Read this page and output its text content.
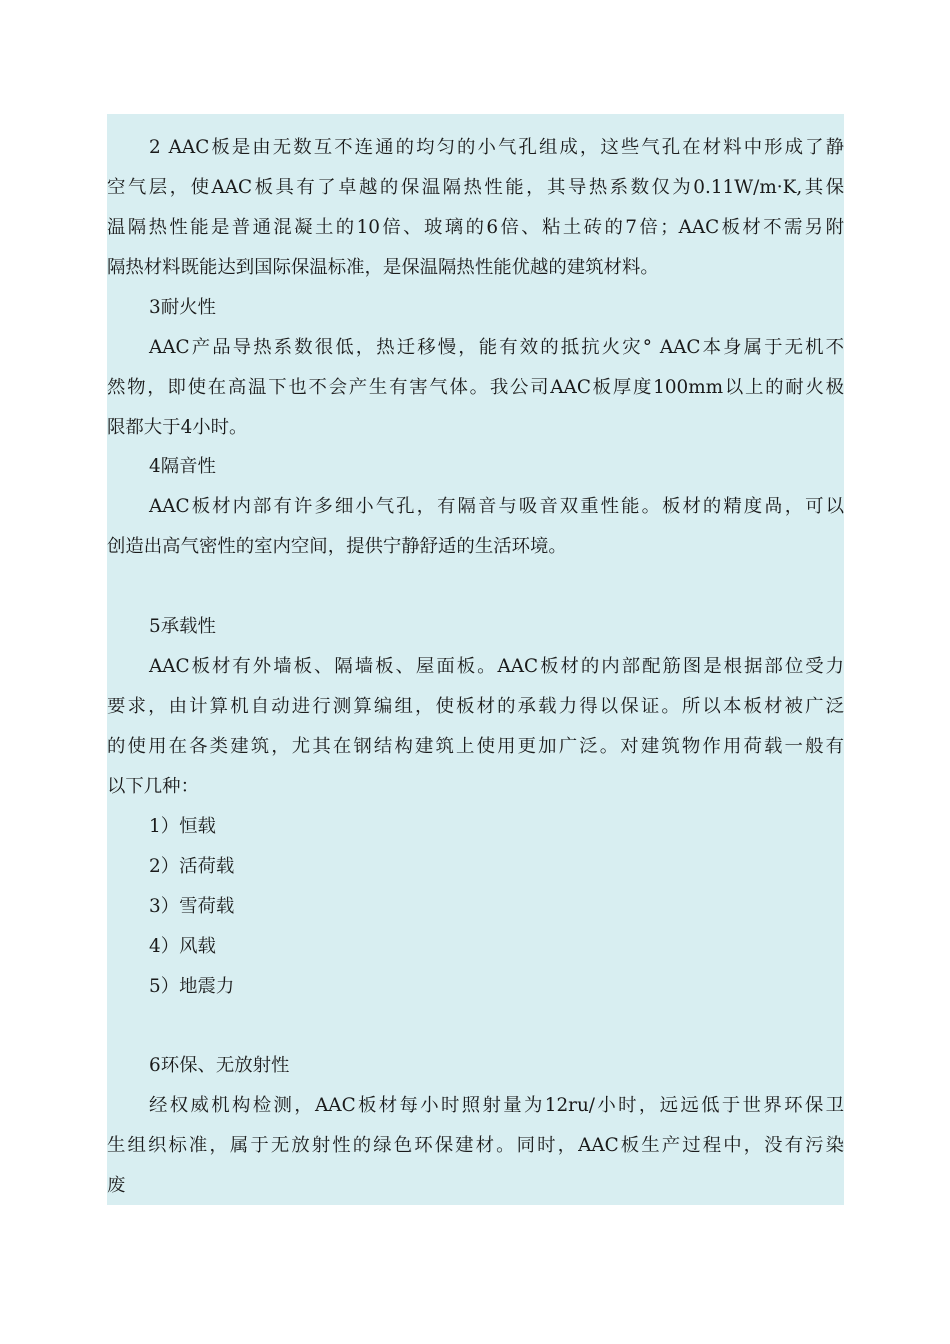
2 AAC板是由无数互不连通的均匀的小气孔组成，这些气孔在材料中形成了静
空气层，使AAC板具有了卓越的保温隔热性能，其导热系数仅为0.11W/m·K,其保
温隔热性能是普通混凝土的10倍、玻璃的6倍、粘土砖的7倍；AAC板材不需另附
隔热材料既能达到国际保温标准，是保温隔热性能优越的建筑材料。
3耐火性
AAC产品导热系数很低，热迁移慢，能有效的抵抗火灾° AAC本身属于无机不
然物，即使在高温下也不会产生有害气体。我公司AAC板厚度100mm以上的耐火极
限都大于4小时。
4隔音性
AAC板材内部有许多细小气孔，有隔音与吸音双重性能。板材的精度咼，可以
创造出高气密性的室内空间，提供宁静舒适的生活环境。
5承载性
AAC板材有外墙板、隔墙板、屋面板。AAC板材的内部配筋图是根据部位受力
要求，由计算机自动进行测算编组，使板材的承载力得以保证。所以本板材被广泛
的使用在各类建筑，尤其在钢结构建筑上使用更加广泛。对建筑物作用荷载一般有
以下几种：
1）恒载
2）活荷载
3）雪荷载
4）风载
5）地震力
6环保、无放射性
经权威机构检测，AAC板材每小时照射量为12ru/小时，远远低于世界环保卫
生组织标准，属于无放射性的绿色环保建材。同时，AAC板生产过程中，没有污染
废
